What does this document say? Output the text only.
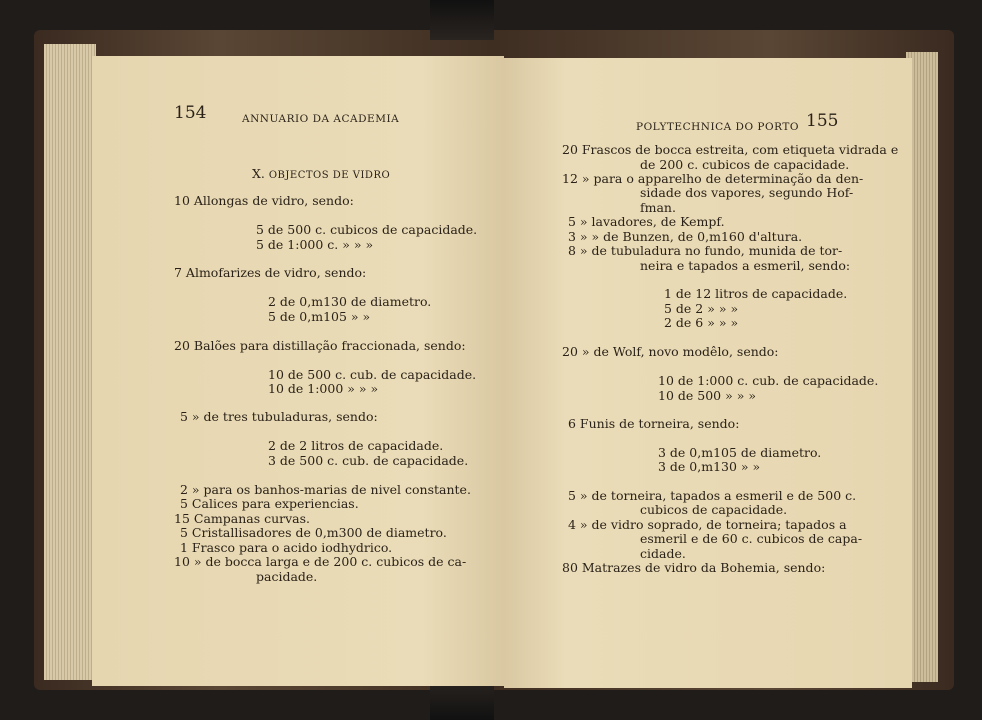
154	ANNUARIO DA ACADEMIA
X. OBJECTOS DE VIDRO
10 Allongas de vidro, sendo:
5 de 500 c. cubicos de capacidade.
5 de 1:000 c. » » »
7 Almofarizes de vidro, sendo:
2 de 0,m130 de diametro.
5 de 0,m105 » »
20 Balões para distillação fraccionada, sendo:
10 de 500 c. cub. de capacidade.
10 de 1:000 » » »
5 » de tres tubuladuras, sendo:
2 de 2 litros de capacidade.
3 de 500 c. cub. de capacidade.
2 » para os banhos-marias de nivel constante.
5 Calices para experiencias.
15 Campanas curvas.
5 Cristallisadores de 0,m300 de diametro.
1 Frasco para o acido iodhydrico.
10 » de bocca larga e de 200 c. cubicos de ca-
pacidade.
POLYTECHNICA DO PORTO 155
20 Frascos de bocca estreita, com etiqueta vidrada e
de 200 c. cubicos de capacidade.
12 » para o apparelho de determinação da den-
sidade dos vapores, segundo Hof-
fman.
5 » lavadores, de Kempf.
3 » » de Bunzen, de 0,m160 d'altura.
8 » de tubuladura no fundo, munida de tor-
neira e tapados a esmeril, sendo:
1 de 12 litros de capacidade.
5 de 2 » » »
2 de 6 » » »
20 » de Wolf, novo modêlo, sendo:
10 de 1:000 c. cub. de capacidade.
10 de 500 » » »
6 Funis de torneira, sendo:
3 de 0,m105 de diametro.
3 de 0,m130 » »
5 » de torneira, tapados a esmeril e de 500 c.
cubicos de capacidade.
4 » de vidro soprado, de torneira; tapados a
esmeril e de 60 c. cubicos de capa-
cidade.
80 Matrazes de vidro da Bohemia, sendo:
